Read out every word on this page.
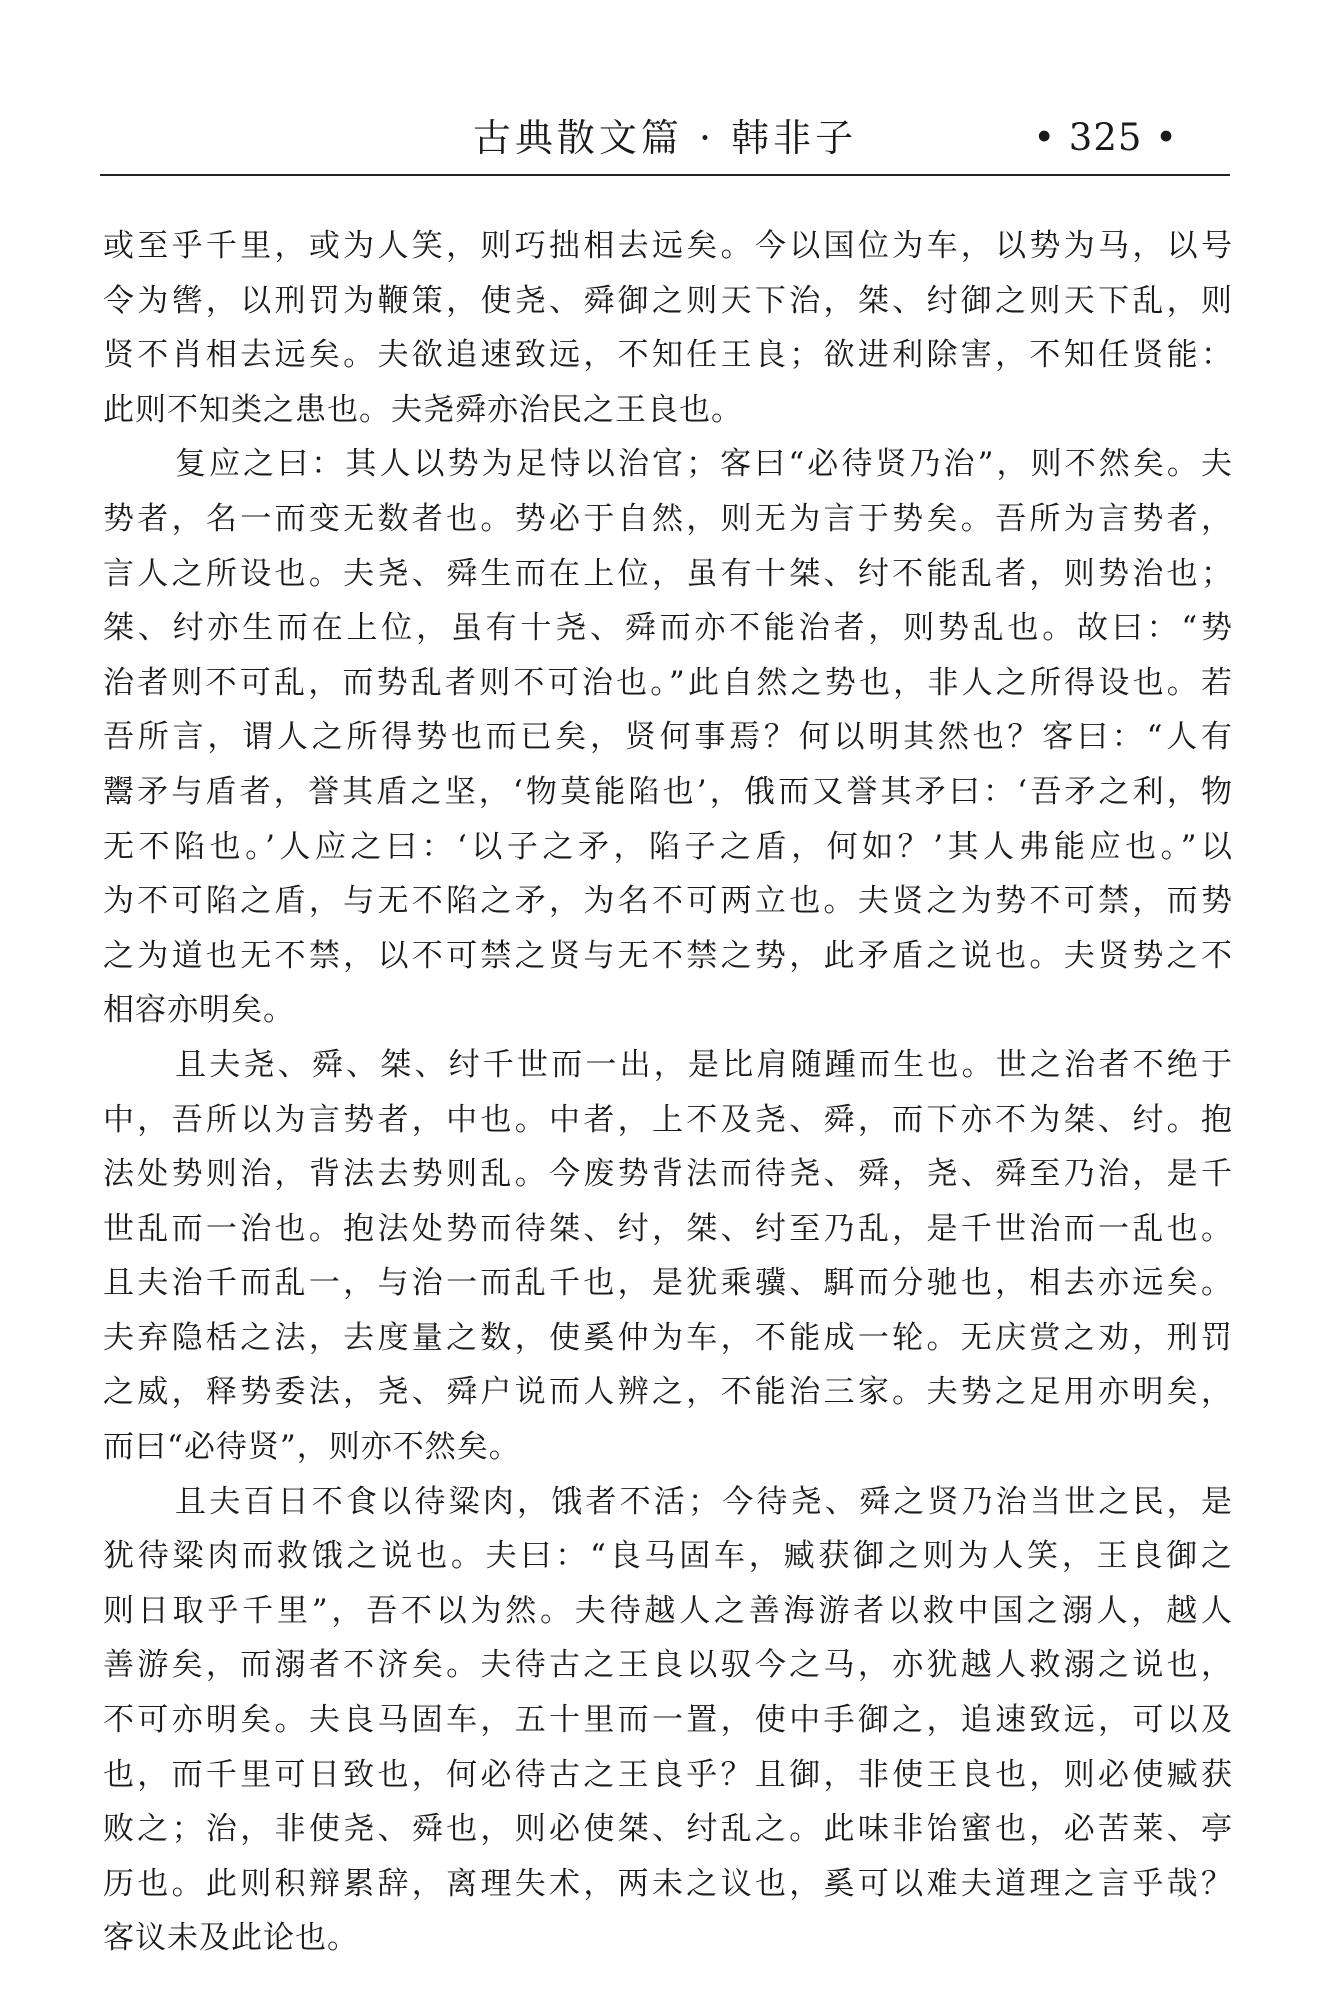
古典散文篇 · 韩非子	• 325 •
或至乎千里，或为人笑，则巧拙相去远矣。今以国位为车，以势为马，以号
令为辔，以刑罚为鞭策，使尧、舜御之则天下治，桀、纣御之则天下乱，则
贤不肖相去远矣。夫欲追速致远，不知任王良；欲进利除害，不知任贤能：
此则不知类之患也。夫尧舜亦治民之王良也。
复应之曰：其人以势为足恃以治官；客曰“必待贤乃治”，则不然矣。夫
势者，名一而变无数者也。势必于自然，则无为言于势矣。吾所为言势者，
言人之所设也。夫尧、舜生而在上位，虽有十桀、纣不能乱者，则势治也；
桀、纣亦生而在上位，虽有十尧、舜而亦不能治者，则势乱也。故曰：“势
治者则不可乱，而势乱者则不可治也。”此自然之势也，非人之所得设也。若
吾所言，谓人之所得势也而已矣，贤何事焉？何以明其然也？客曰：“人有
鬻矛与盾者，誉其盾之坚，‘物莫能陷也’，俄而又誉其矛曰：‘吾矛之利，物
无不陷也。’人应之曰：‘以子之矛，陷子之盾，何如？’其人弗能应也。”以
为不可陷之盾，与无不陷之矛，为名不可两立也。夫贤之为势不可禁，而势
之为道也无不禁，以不可禁之贤与无不禁之势，此矛盾之说也。夫贤势之不
相容亦明矣。
且夫尧、舜、桀、纣千世而一出，是比肩随踵而生也。世之治者不绝于
中，吾所以为言势者，中也。中者，上不及尧、舜，而下亦不为桀、纣。抱
法处势则治，背法去势则乱。今废势背法而待尧、舜，尧、舜至乃治，是千
世乱而一治也。抱法处势而待桀、纣，桀、纣至乃乱，是千世治而一乱也。
且夫治千而乱一，与治一而乱千也，是犹乘骥、駬而分驰也，相去亦远矣。
夫弃隐栝之法，去度量之数，使奚仲为车，不能成一轮。无庆赏之劝，刑罚
之威，释势委法，尧、舜户说而人辨之，不能治三家。夫势之足用亦明矣，
而曰“必待贤”，则亦不然矣。
且夫百日不食以待粱肉，饿者不活；今待尧、舜之贤乃治当世之民，是
犹待粱肉而救饿之说也。夫曰：“良马固车，臧获御之则为人笑，王良御之
则日取乎千里”，吾不以为然。夫待越人之善海游者以救中国之溺人，越人
善游矣，而溺者不济矣。夫待古之王良以驭今之马，亦犹越人救溺之说也，
不可亦明矣。夫良马固车，五十里而一置，使中手御之，追速致远，可以及
也，而千里可日致也，何必待古之王良乎？且御，非使王良也，则必使臧获
败之；治，非使尧、舜也，则必使桀、纣乱之。此味非饴蜜也，必苦莱、亭
历也。此则积辩累辞，离理失术，两未之议也，奚可以难夫道理之言乎哉？
客议未及此论也。
